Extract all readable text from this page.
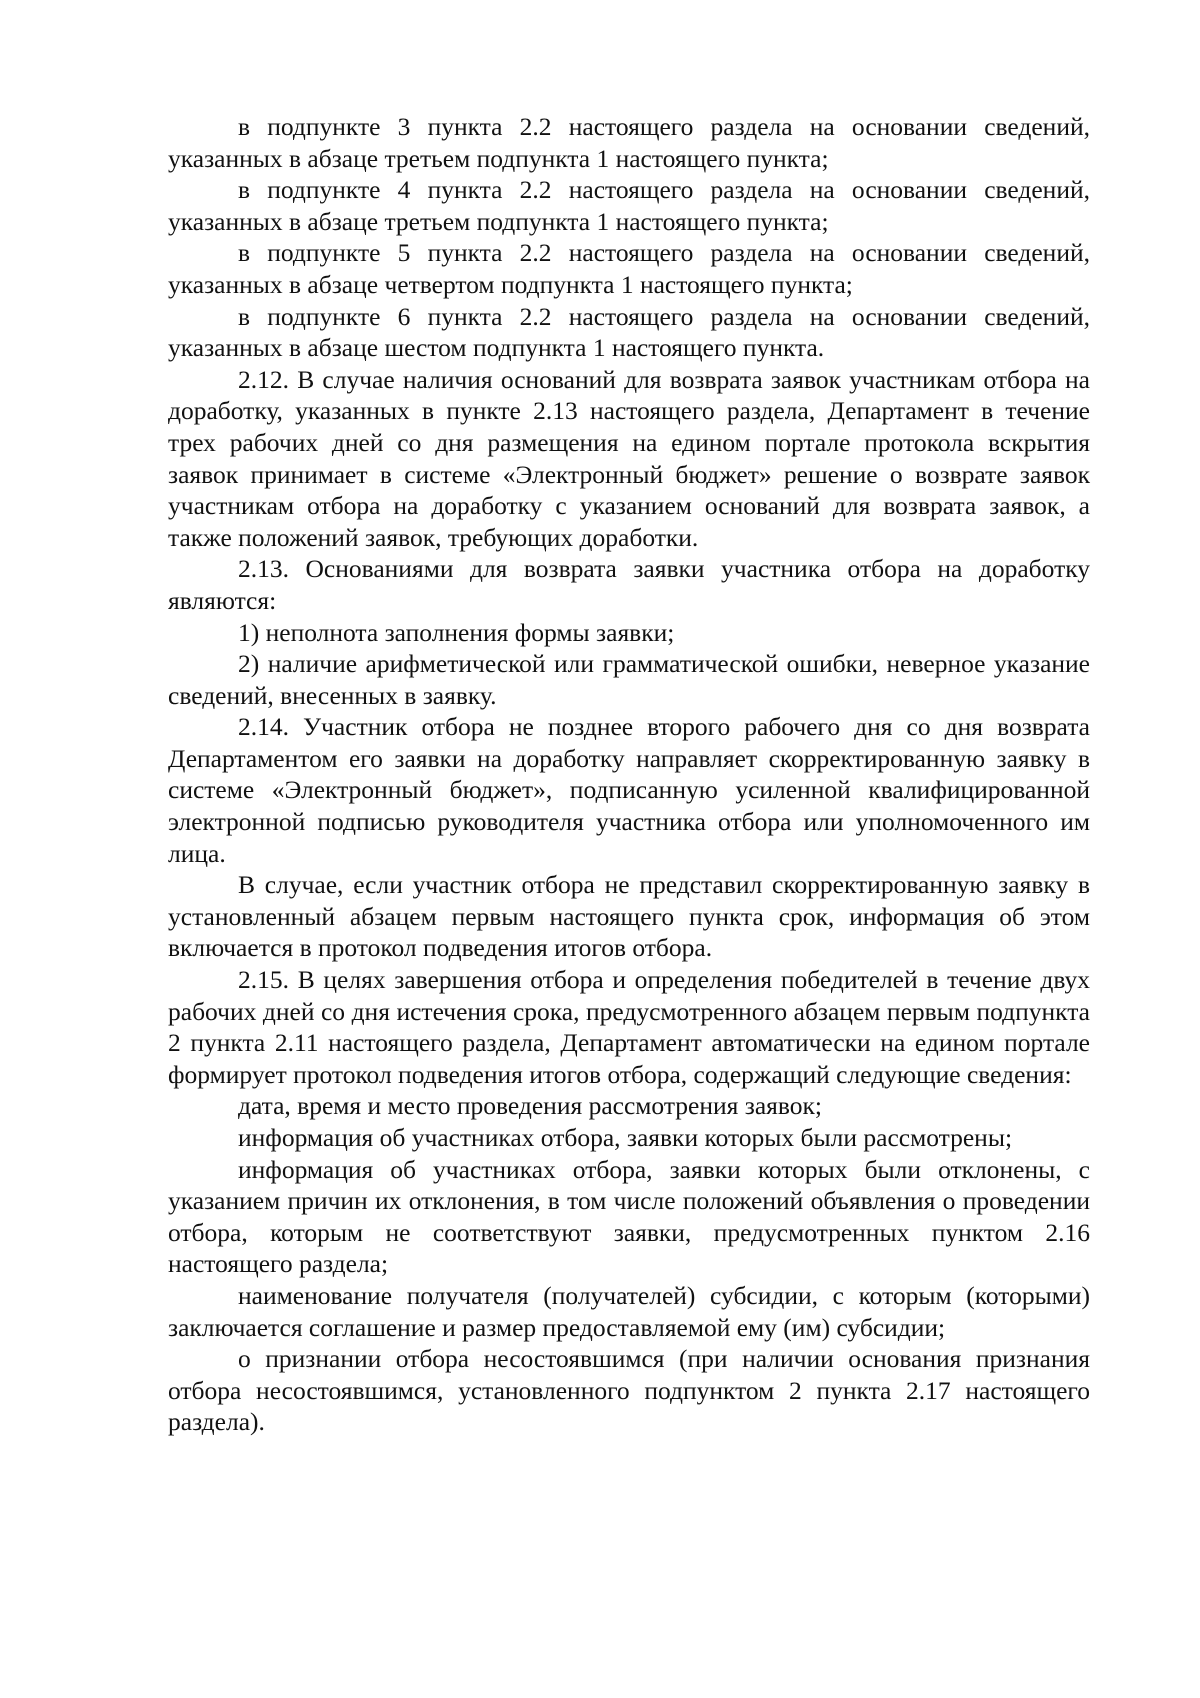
в подпункте 3 пункта 2.2 настоящего раздела на основании сведений, указанных в абзаце третьем подпункта 1 настоящего пункта;

в подпункте 4 пункта 2.2 настоящего раздела на основании сведений, указанных в абзаце третьем подпункта 1 настоящего пункта;

в подпункте 5 пункта 2.2 настоящего раздела на основании сведений, указанных в абзаце четвертом подпункта 1 настоящего пункта;

в подпункте 6 пункта 2.2 настоящего раздела на основании сведений, указанных в абзаце шестом подпункта 1 настоящего пункта.

2.12. В случае наличия оснований для возврата заявок участникам отбора на доработку, указанных в пункте 2.13 настоящего раздела, Департамент в течение трех рабочих дней со дня размещения на едином портале протокола вскрытия заявок принимает в системе «Электронный бюджет» решение о возврате заявок участникам отбора на доработку с указанием оснований для возврата заявок, а также положений заявок, требующих доработки.

2.13. Основаниями для возврата заявки участника отбора на доработку являются:

1) неполнота заполнения формы заявки;

2) наличие арифметической или грамматической ошибки, неверное указание сведений, внесенных в заявку.

2.14. Участник отбора не позднее второго рабочего дня со дня возврата Департаментом его заявки на доработку направляет скорректированную заявку в системе «Электронный бюджет», подписанную усиленной квалифицированной электронной подписью руководителя участника отбора или уполномоченного им лица.

В случае, если участник отбора не представил скорректированную заявку в установленный абзацем первым настоящего пункта срок, информация об этом включается в протокол подведения итогов отбора.

2.15. В целях завершения отбора и определения победителей в течение двух рабочих дней со дня истечения срока, предусмотренного абзацем первым подпункта 2 пункта 2.11 настоящего раздела, Департамент автоматически на едином портале формирует протокол подведения итогов отбора, содержащий следующие сведения:

дата, время и место проведения рассмотрения заявок;

информация об участниках отбора, заявки которых были рассмотрены;

информация об участниках отбора, заявки которых были отклонены, с указанием причин их отклонения, в том числе положений объявления о проведении отбора, которым не соответствуют заявки, предусмотренных пунктом 2.16 настоящего раздела;

наименование получателя (получателей) субсидии, с которым (которыми) заключается соглашение и размер предоставляемой ему (им) субсидии;

о признании отбора несостоявшимся (при наличии основания признания отбора несостоявшимся, установленного подпунктом 2 пункта 2.17 настоящего раздела).
